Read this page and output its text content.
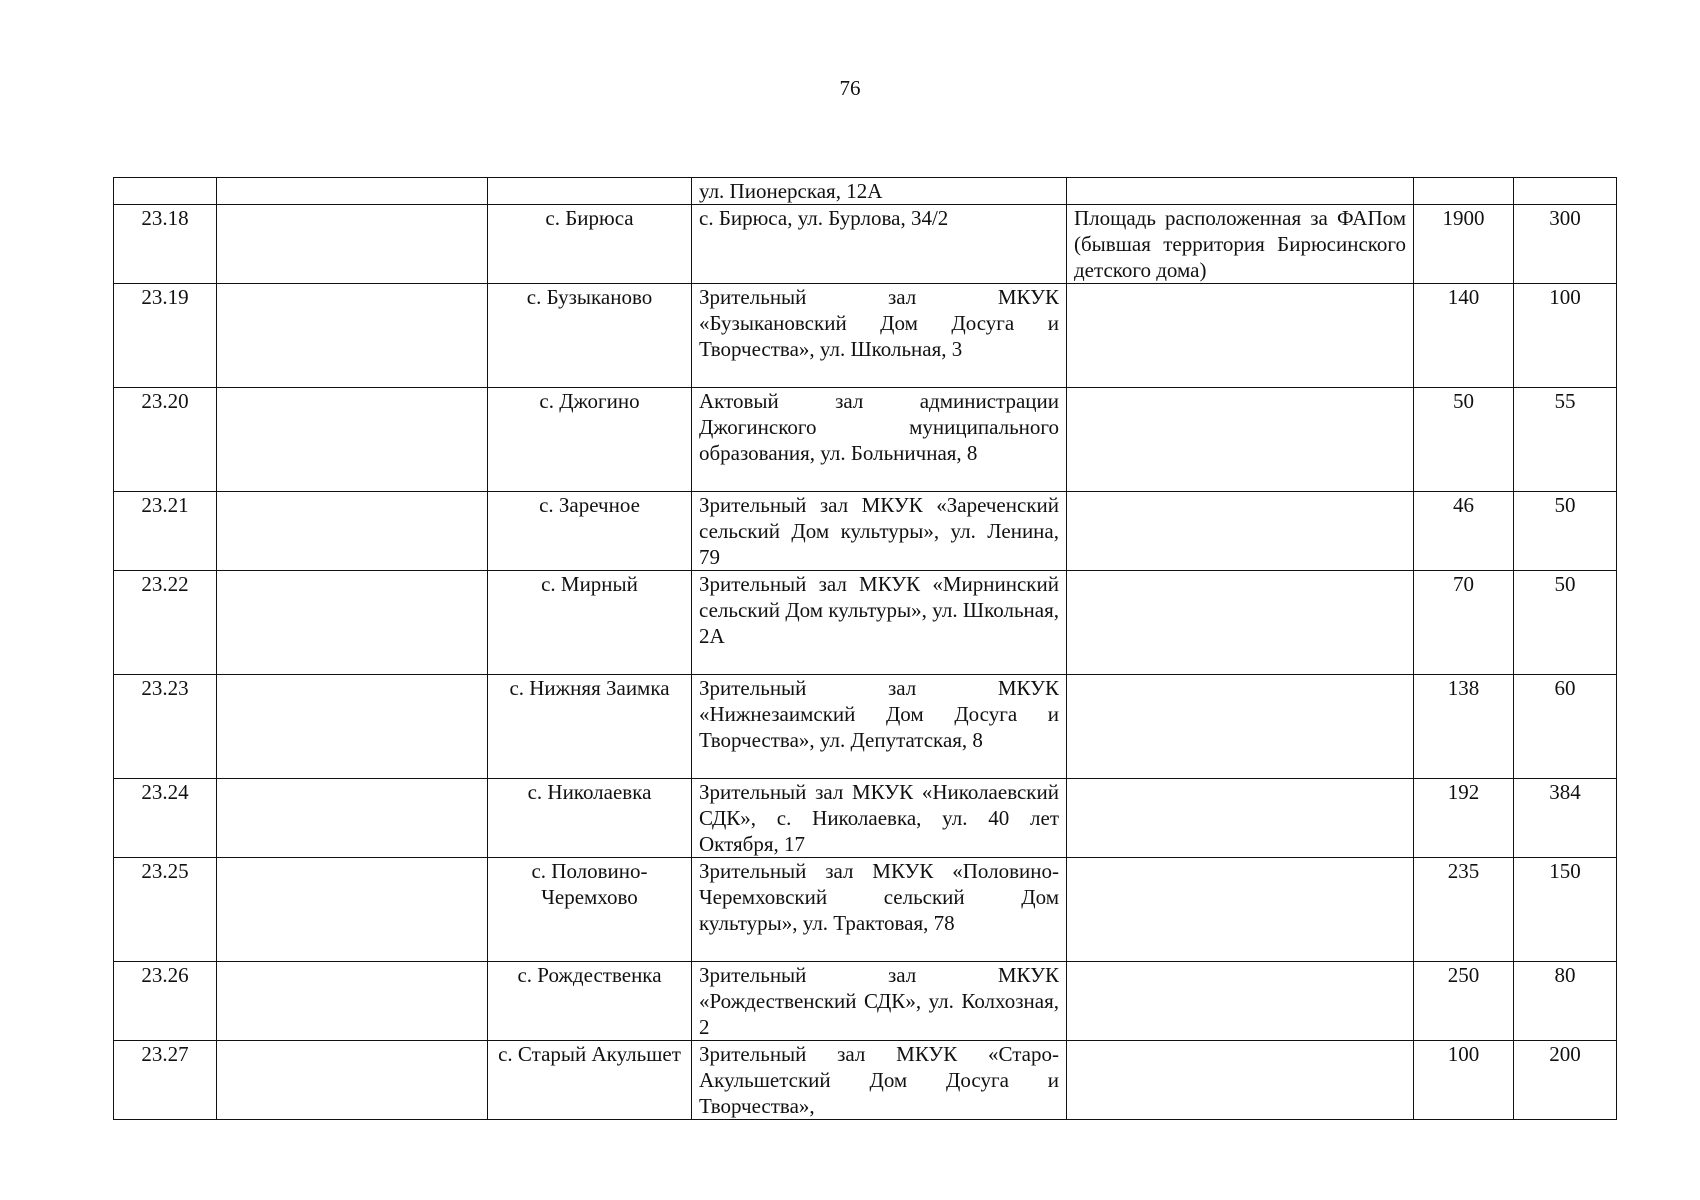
76
			ул. Пионерская, 12А			
23.18		с. Бирюса	с. Бирюса, ул. Бурлова, 34/2	Площадь расположенная за ФАПом (бывшая территория Бирюсинского детского дома)	1900	300
23.19		с. Бузыканово	Зрительный зал МКУК «Бузыкановский Дом Досуга и Творчества», ул. Школьная, 3		140	100
23.20		с. Джогино	Актовый зал администрации Джогинского муниципального образования, ул. Больничная, 8		50	55
23.21		с. Заречное	Зрительный зал МКУК «Зареченский сельский Дом культуры», ул. Ленина, 79		46	50
23.22		с. Мирный	Зрительный зал МКУК «Мирнинский сельский Дом культуры», ул. Школьная, 2А		70	50
23.23		с. Нижняя Заимка	Зрительный зал МКУК «Нижнезаимский Дом Досуга и Творчества», ул. Депутатская, 8		138	60
23.24		с. Николаевка	Зрительный зал МКУК «Николаевский СДК», с. Николаевка, ул. 40 лет Октября, 17		192	384
23.25		с. Половино-Черемхово	Зрительный зал МКУК «Половино-Черемховский сельский Дом культуры», ул. Трактовая, 78		235	150
23.26		с. Рождественка	Зрительный зал МКУК «Рождественский СДК», ул. Колхозная, 2		250	80
23.27		с. Старый Акульшет	Зрительный зал МКУК «Старо-Акульшетский Дом Досуга и Творчества»,		100	200
